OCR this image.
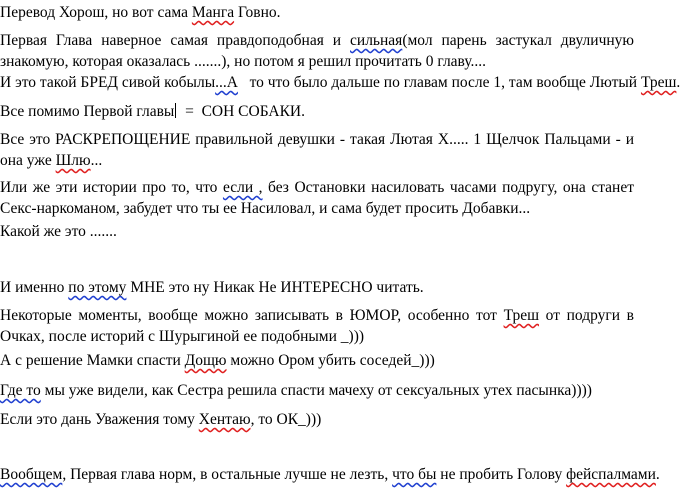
Перевод Хорош, но вот сама Манга Говно.
Первая Глава наверное самая правдоподобная и сильная(мол парень застукал двуличную знакомую, которая оказалась .......), но потом я решил прочитать 0 главу....
И это такой БРЕД сивой кобылы...А   то что было дальше по главам после 1, там вообще Лютый Треш.
Все помимо Первой главы  =  СОН СОБАКИ.
Все это РАСКРЕПОЩЕНИЕ правильной девушки - такая Лютая Х..... 1 Щелчок Пальцами - и она уже Шлю...
Или же эти истории про то, что если , без Остановки насиловать часами подругу, она станет Секс-наркоманом, забудет что ты ее Насиловал, и сама будет просить Добавки...
Какой же это .......
И именно по этому МНЕ это ну Никак Не ИНТЕРЕСНО читать.
Некоторые моменты, вообще можно записывать в ЮМОР, особенно тот Треш от подруги в Очках, после историй с Шурыгиной ее подобными _)))
А с решение Мамки спасти Дощю можно Ором убить соседей_)))
Где то мы уже видели, как Сестра решила спасти мачеху от сексуальных утех пасынка))))
Если это дань Уважения тому Хентаю, то ОК_)))
Вообщем, Первая глава норм, в остальные лучше не лезть, что бы не пробить Голову фейспалмами.
